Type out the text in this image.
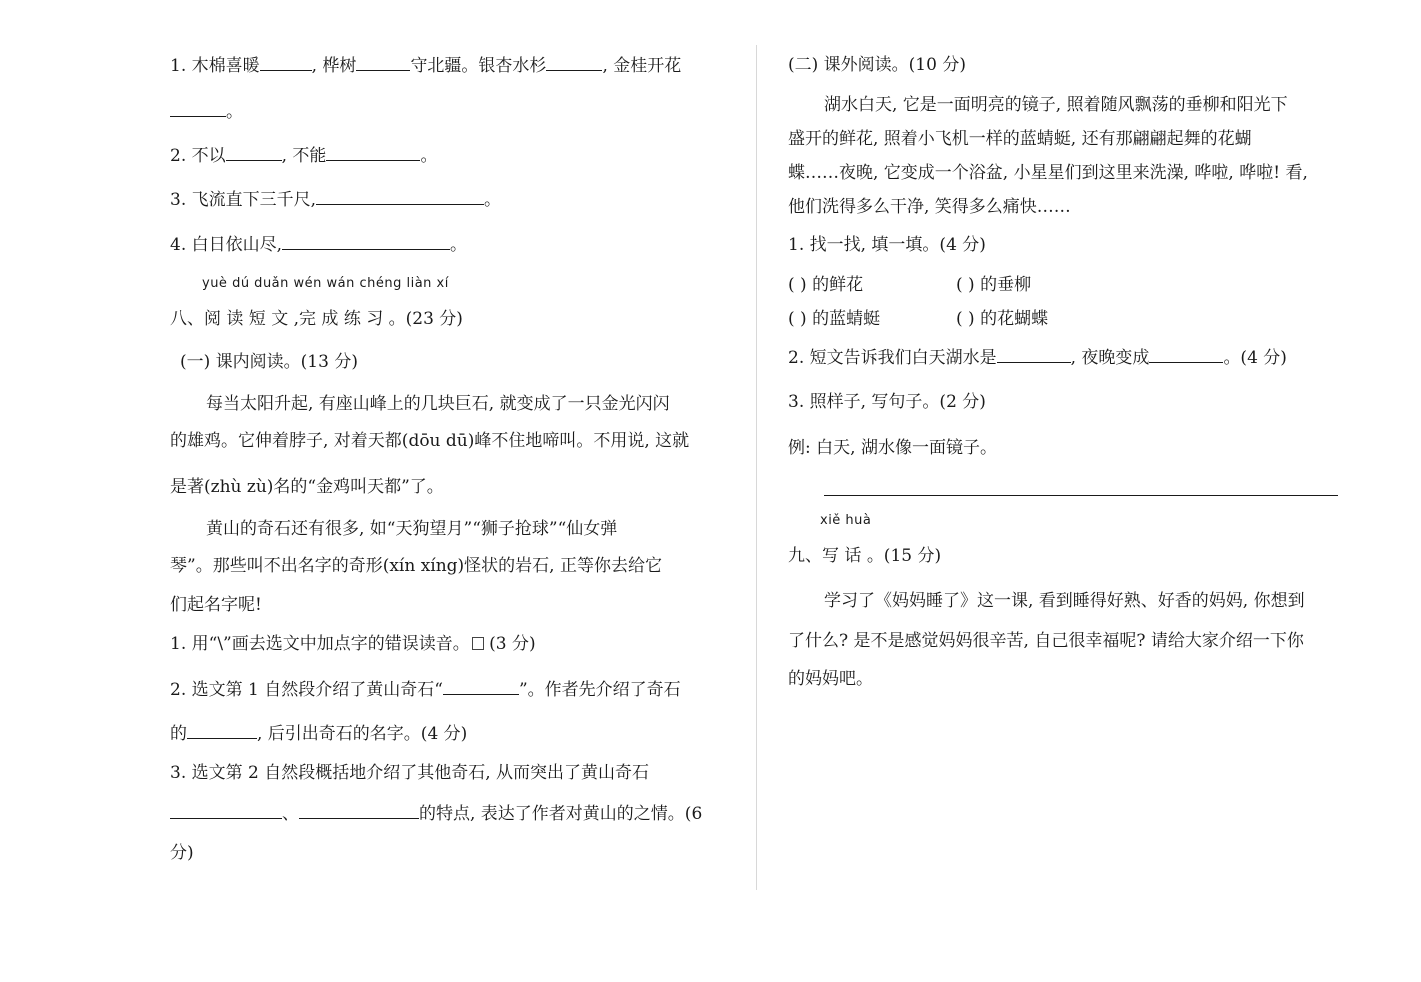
1. 木棉喜暖	, 桦树	守北疆。银杏水杉	, 金桂开花
。
2. 不以	, 不能	。
3. 飞流直下三千尺,	。
4. 白日依山尽,	。
yuè dú duǎn wén wán chéng liàn xí
八、阅 读 短 文 ,完 成 练 习 。(23 分)
(一) 课内阅读。(13 分)
每当太阳升起, 有座山峰上的几块巨石, 就变成了一只金光闪闪
的雄鸡。它伸着脖子, 对着天都(dōu dū)峰不住地啼叫。不用说, 这就
是著(zhù zù)名的“金鸡叫天都”了。
黄山的奇石还有很多, 如“天狗望月”“狮子抢球”“仙女弹
琴”。那些叫不出名字的奇形(xín xíng)怪状的岩石, 正等你去给它
们起名字呢!
1. 用“\”画去选文中加点字的错误读音。 (3 分)
2. 选文第 1 自然段介绍了黄山奇石“	”。作者先介绍了奇石
的	, 后引出奇石的名字。(4 分)
3. 选文第 2 自然段概括地介绍了其他奇石, 从而突出了黄山奇石
、	的特点, 表达了作者对黄山的之情。(6
分)
(二) 课外阅读。(10 分)
湖水白天, 它是一面明亮的镜子, 照着随风飘荡的垂柳和阳光下
盛开的鲜花, 照着小飞机一样的蓝蜻蜓, 还有那翩翩起舞的花蝴
蝶……夜晚, 它变成一个浴盆, 小星星们到这里来洗澡, 哗啦, 哗啦! 看,
他们洗得多么干净, 笑得多么痛快……
1. 找一找, 填一填。(4 分)
( ) 的鲜花	( ) 的垂柳
( ) 的蓝蜻蜓	( ) 的花蝴蝶
2. 短文告诉我们白天湖水是	, 夜晚变成	。(4 分)
3. 照样子, 写句子。(2 分)
例: 白天, 湖水像一面镜子。
xiě huà
九、写 话 。(15 分)
学习了《妈妈睡了》这一课, 看到睡得好熟、好香的妈妈, 你想到
了什么? 是不是感觉妈妈很辛苦, 自己很幸福呢? 请给大家介绍一下你
的妈妈吧。
